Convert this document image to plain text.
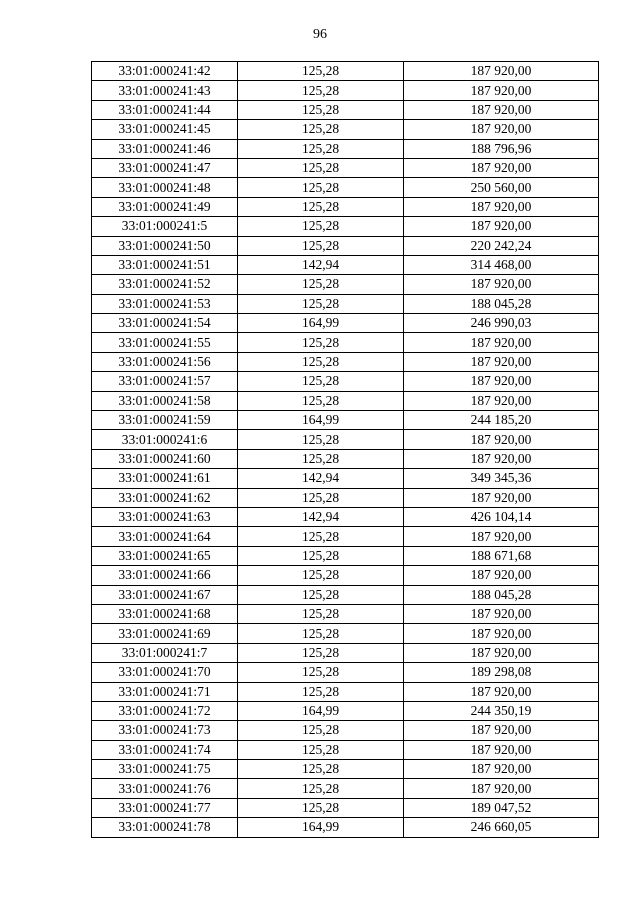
96
33:01:000241:42	125,28	187 920,00
33:01:000241:43	125,28	187 920,00
33:01:000241:44	125,28	187 920,00
33:01:000241:45	125,28	187 920,00
33:01:000241:46	125,28	188 796,96
33:01:000241:47	125,28	187 920,00
33:01:000241:48	125,28	250 560,00
33:01:000241:49	125,28	187 920,00
33:01:000241:5	125,28	187 920,00
33:01:000241:50	125,28	220 242,24
33:01:000241:51	142,94	314 468,00
33:01:000241:52	125,28	187 920,00
33:01:000241:53	125,28	188 045,28
33:01:000241:54	164,99	246 990,03
33:01:000241:55	125,28	187 920,00
33:01:000241:56	125,28	187 920,00
33:01:000241:57	125,28	187 920,00
33:01:000241:58	125,28	187 920,00
33:01:000241:59	164,99	244 185,20
33:01:000241:6	125,28	187 920,00
33:01:000241:60	125,28	187 920,00
33:01:000241:61	142,94	349 345,36
33:01:000241:62	125,28	187 920,00
33:01:000241:63	142,94	426 104,14
33:01:000241:64	125,28	187 920,00
33:01:000241:65	125,28	188 671,68
33:01:000241:66	125,28	187 920,00
33:01:000241:67	125,28	188 045,28
33:01:000241:68	125,28	187 920,00
33:01:000241:69	125,28	187 920,00
33:01:000241:7	125,28	187 920,00
33:01:000241:70	125,28	189 298,08
33:01:000241:71	125,28	187 920,00
33:01:000241:72	164,99	244 350,19
33:01:000241:73	125,28	187 920,00
33:01:000241:74	125,28	187 920,00
33:01:000241:75	125,28	187 920,00
33:01:000241:76	125,28	187 920,00
33:01:000241:77	125,28	189 047,52
33:01:000241:78	164,99	246 660,05
